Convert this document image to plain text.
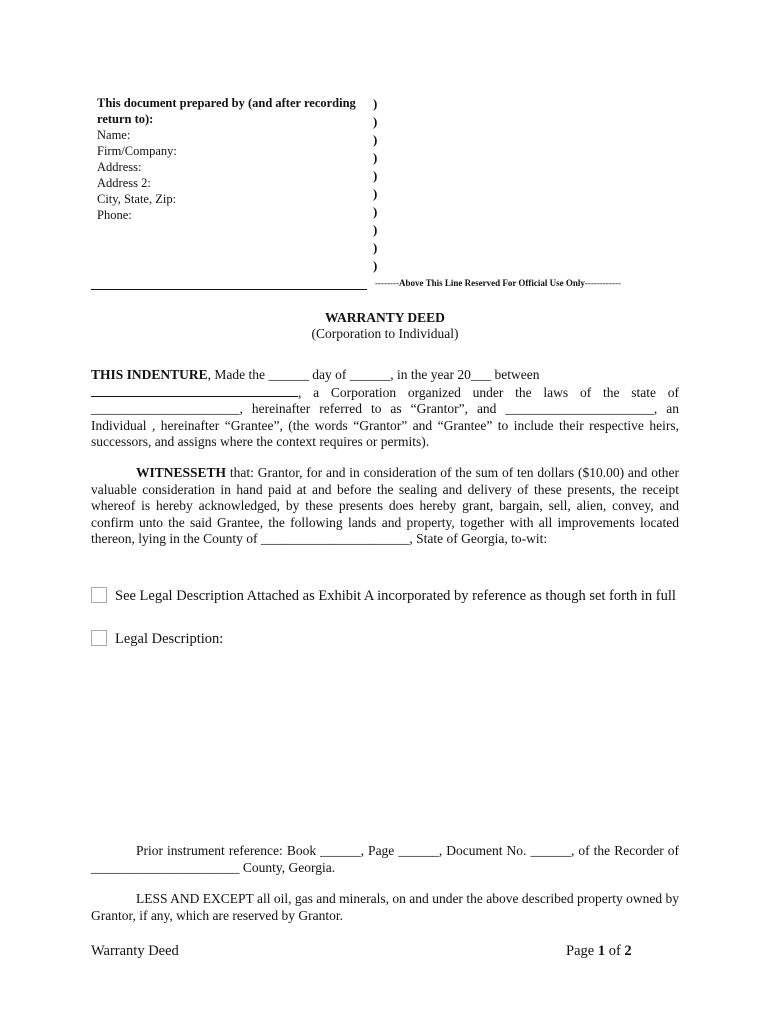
This document prepared by (and after recording return to):
Name:
Firm/Company:
Address:
Address 2:
City, State, Zip:
Phone:
)
)
)
)
)
)
)
)
)
)
--------Above This Line Reserved For Official Use Only------------
WARRANTY DEED
(Corporation to Individual)
THIS INDENTURE, Made the ______ day of ______, in the year 20___ between
, a Corporation organized under the laws of the state of ______________________, hereinafter referred to as “Grantor”, and ______________________, an Individual , hereinafter “Grantee”, (the words “Grantor” and “Grantee” to include their respective heirs, successors, and assigns where the context requires or permits).
WITNESSETH that: Grantor, for and in consideration of the sum of ten dollars ($10.00) and other valuable consideration in hand paid at and before the sealing and delivery of these presents, the receipt whereof is hereby acknowledged, by these presents does hereby grant, bargain, sell, alien, convey, and confirm unto the said Grantee, the following lands and property, together with all improvements located thereon, lying in the County of ______________________, State of Georgia, to-wit:
See Legal Description Attached as Exhibit A incorporated by reference as though set forth in full
Legal Description:
Prior instrument reference: Book ______, Page ______, Document No. ______, of the Recorder of ______________________ County, Georgia.
LESS AND EXCEPT all oil, gas and minerals, on and under the above described property owned by Grantor, if any, which are reserved by Grantor.
Warranty Deed	Page 1 of 2
